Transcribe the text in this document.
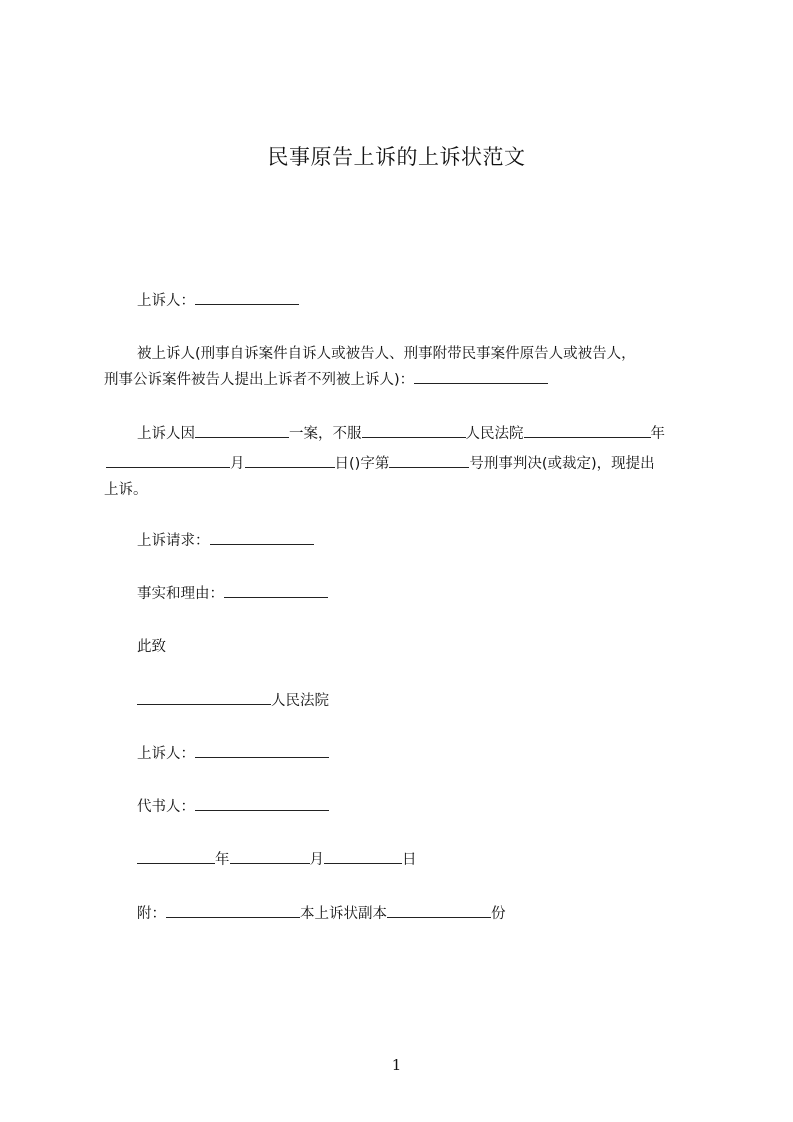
民事原告上诉的上诉状范文
上诉人：
被上诉人(刑事自诉案件自诉人或被告人、刑事附带民事案件原告人或被告人，
刑事公诉案件被告人提出上诉者不列被上诉人)：
上诉人因	一案，不服	人民法院	年
月	日()字第	号刑事判决(或裁定)，现提出
上诉。
上诉请求：
事实和理由：
此致
人民法院
上诉人：
代书人：
年	月	日
附：	本上诉状副本	份
1
